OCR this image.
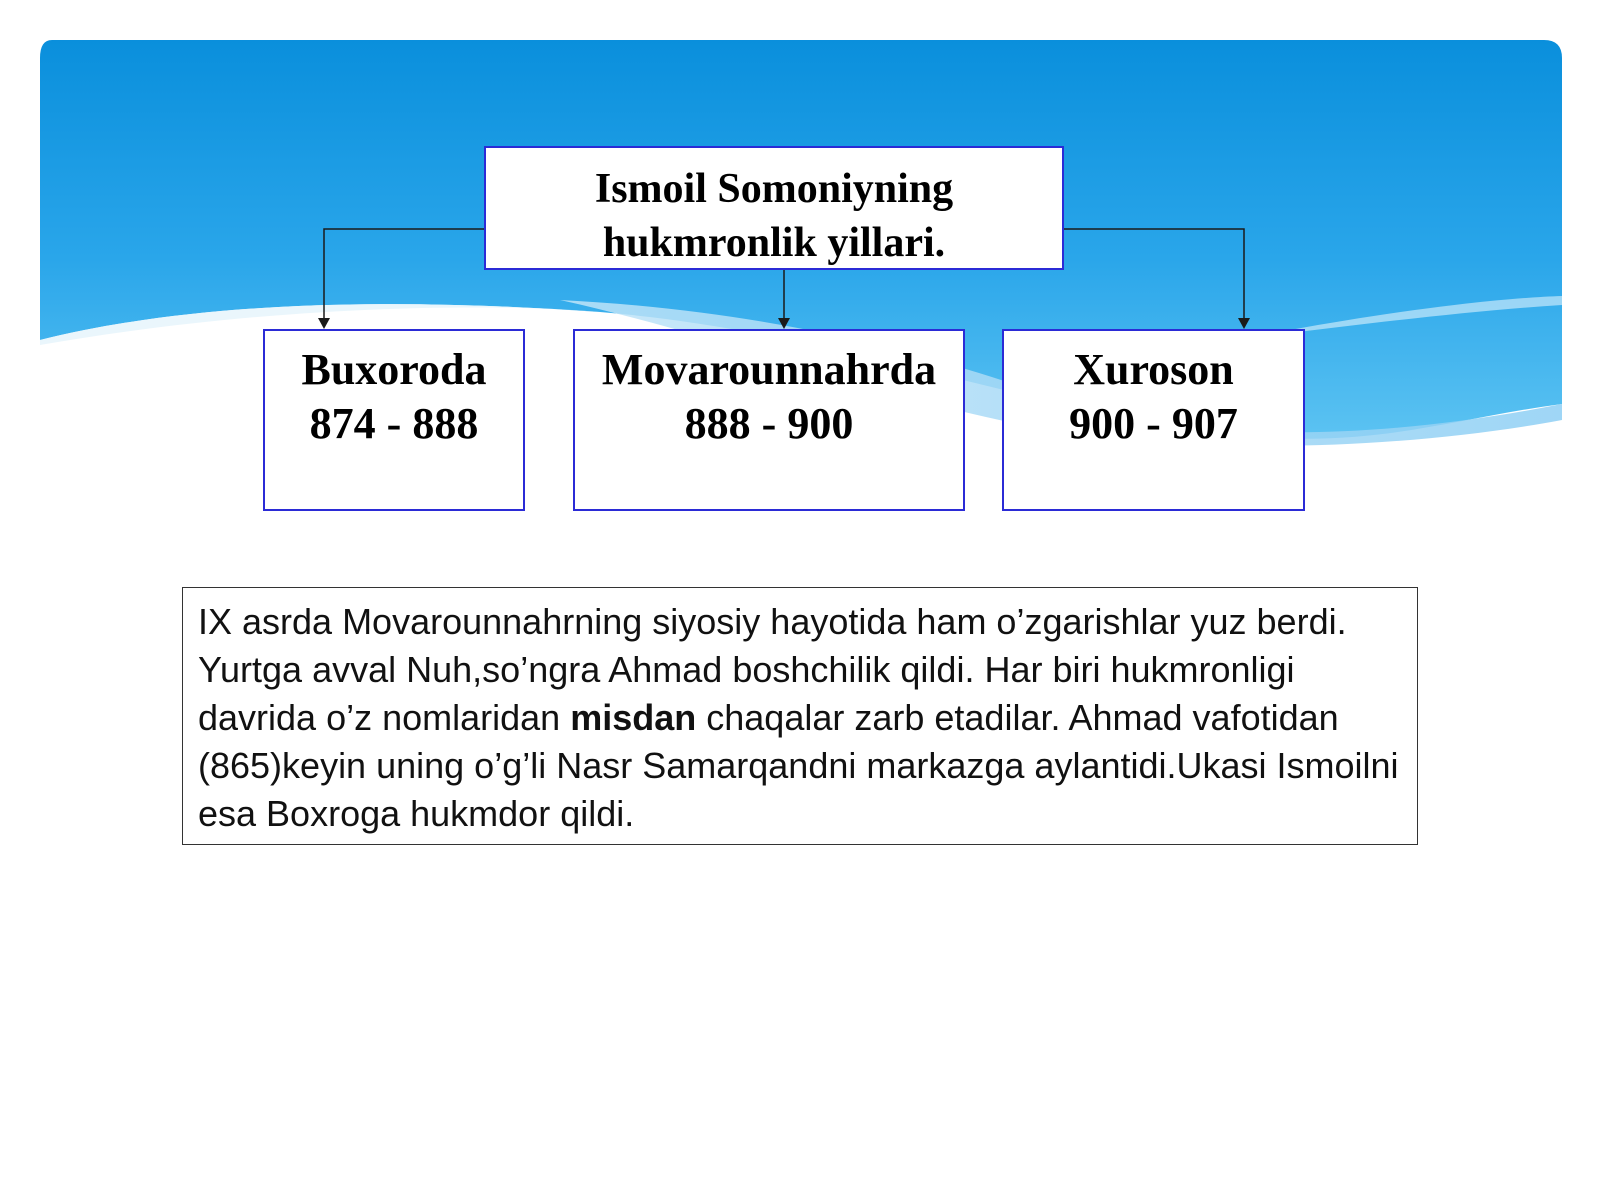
Ismoil Somoniyning
hukmronlik yillari.
Buxoroda
874 - 888
Movarounnahrda
888 - 900
Xuroson
900 - 907
IX asrda Movarounnahrning siyosiy hayotida ham o’zgarishlar yuz berdi. Yurtga avval Nuh,so’ngra Ahmad boshchilik qildi. Har biri hukmronligi davrida o’z nomlaridan misdan chaqalar zarb etadilar. Ahmad vafotidan (865)keyin uning o’g’li Nasr Samarqandni markazga aylantidi.Ukasi Ismoilni esa Boxroga hukmdor qildi.
